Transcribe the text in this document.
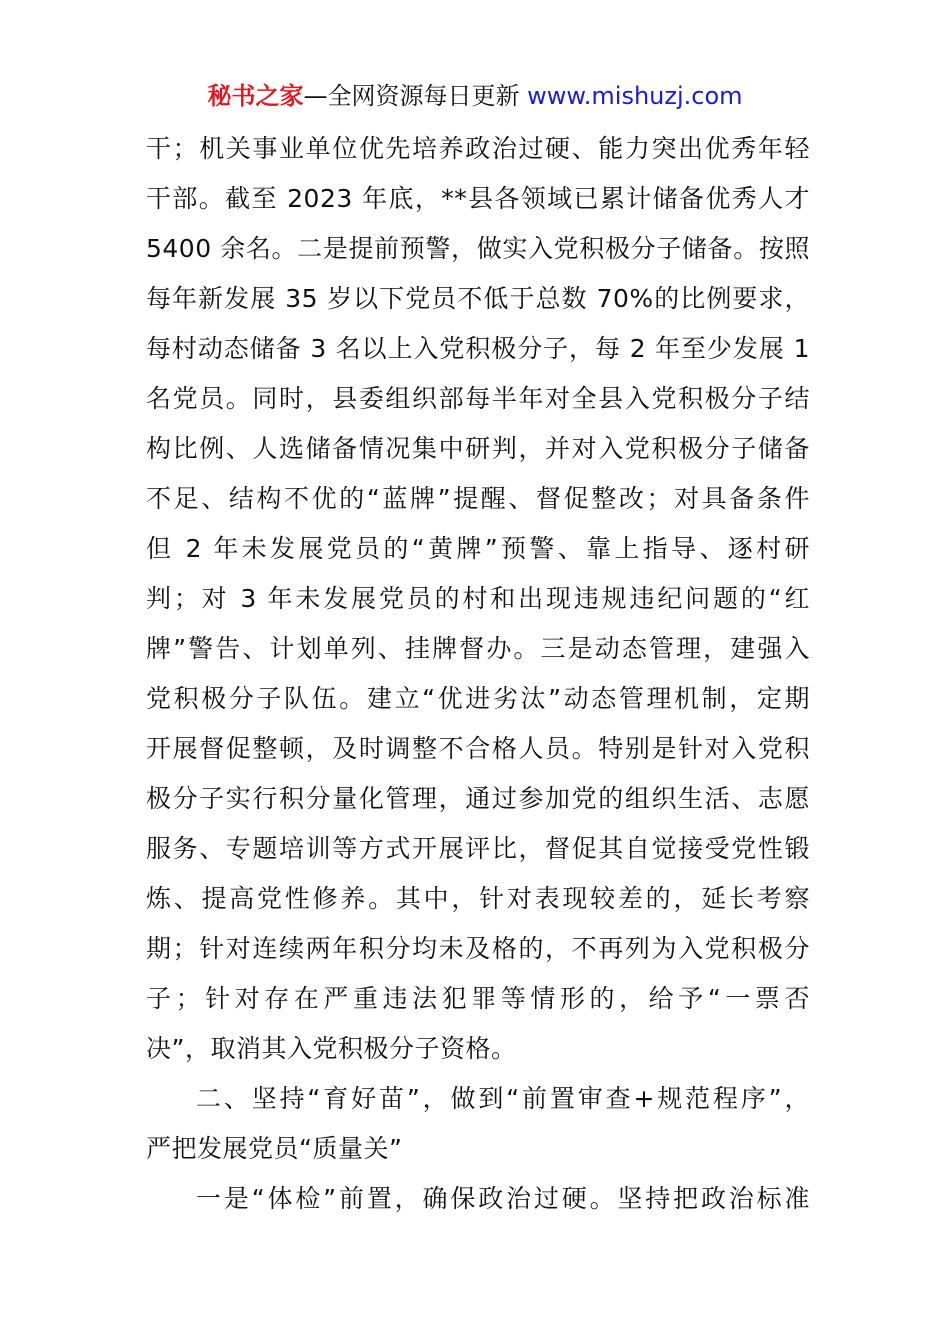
秘书之家—全网资源每日更新 www.mishuzj.com
干；机关事业单位优先培养政治过硬、能力突出优秀年轻
干部。截至 2023 年底，**县各领域已累计储备优秀人才
5400 余名。二是提前预警，做实入党积极分子储备。按照
每年新发展 35 岁以下党员不低于总数 70%的比例要求，
每村动态储备 3 名以上入党积极分子，每 2 年至少发展 1
名党员。同时，县委组织部每半年对全县入党积极分子结
构比例、人选储备情况集中研判，并对入党积极分子储备
不足、结构不优的“蓝牌”提醒、督促整改；对具备条件
但 2 年未发展党员的“黄牌”预警、靠上指导、逐村研
判；对 3 年未发展党员的村和出现违规违纪问题的“红
牌”警告、计划单列、挂牌督办。三是动态管理，建强入
党积极分子队伍。建立“优进劣汰”动态管理机制，定期
开展督促整顿，及时调整不合格人员。特别是针对入党积
极分子实行积分量化管理，通过参加党的组织生活、志愿
服务、专题培训等方式开展评比，督促其自觉接受党性锻
炼、提高党性修养。其中，针对表现较差的，延长考察
期；针对连续两年积分均未及格的，不再列为入党积极分
子；针对存在严重违法犯罪等情形的，给予“一票否
决”，取消其入党积极分子资格。
二、坚持“育好苗”，做到“前置审查+规范程序”，
严把发展党员“质量关”
一是“体检”前置，确保政治过硬。坚持把政治标准
